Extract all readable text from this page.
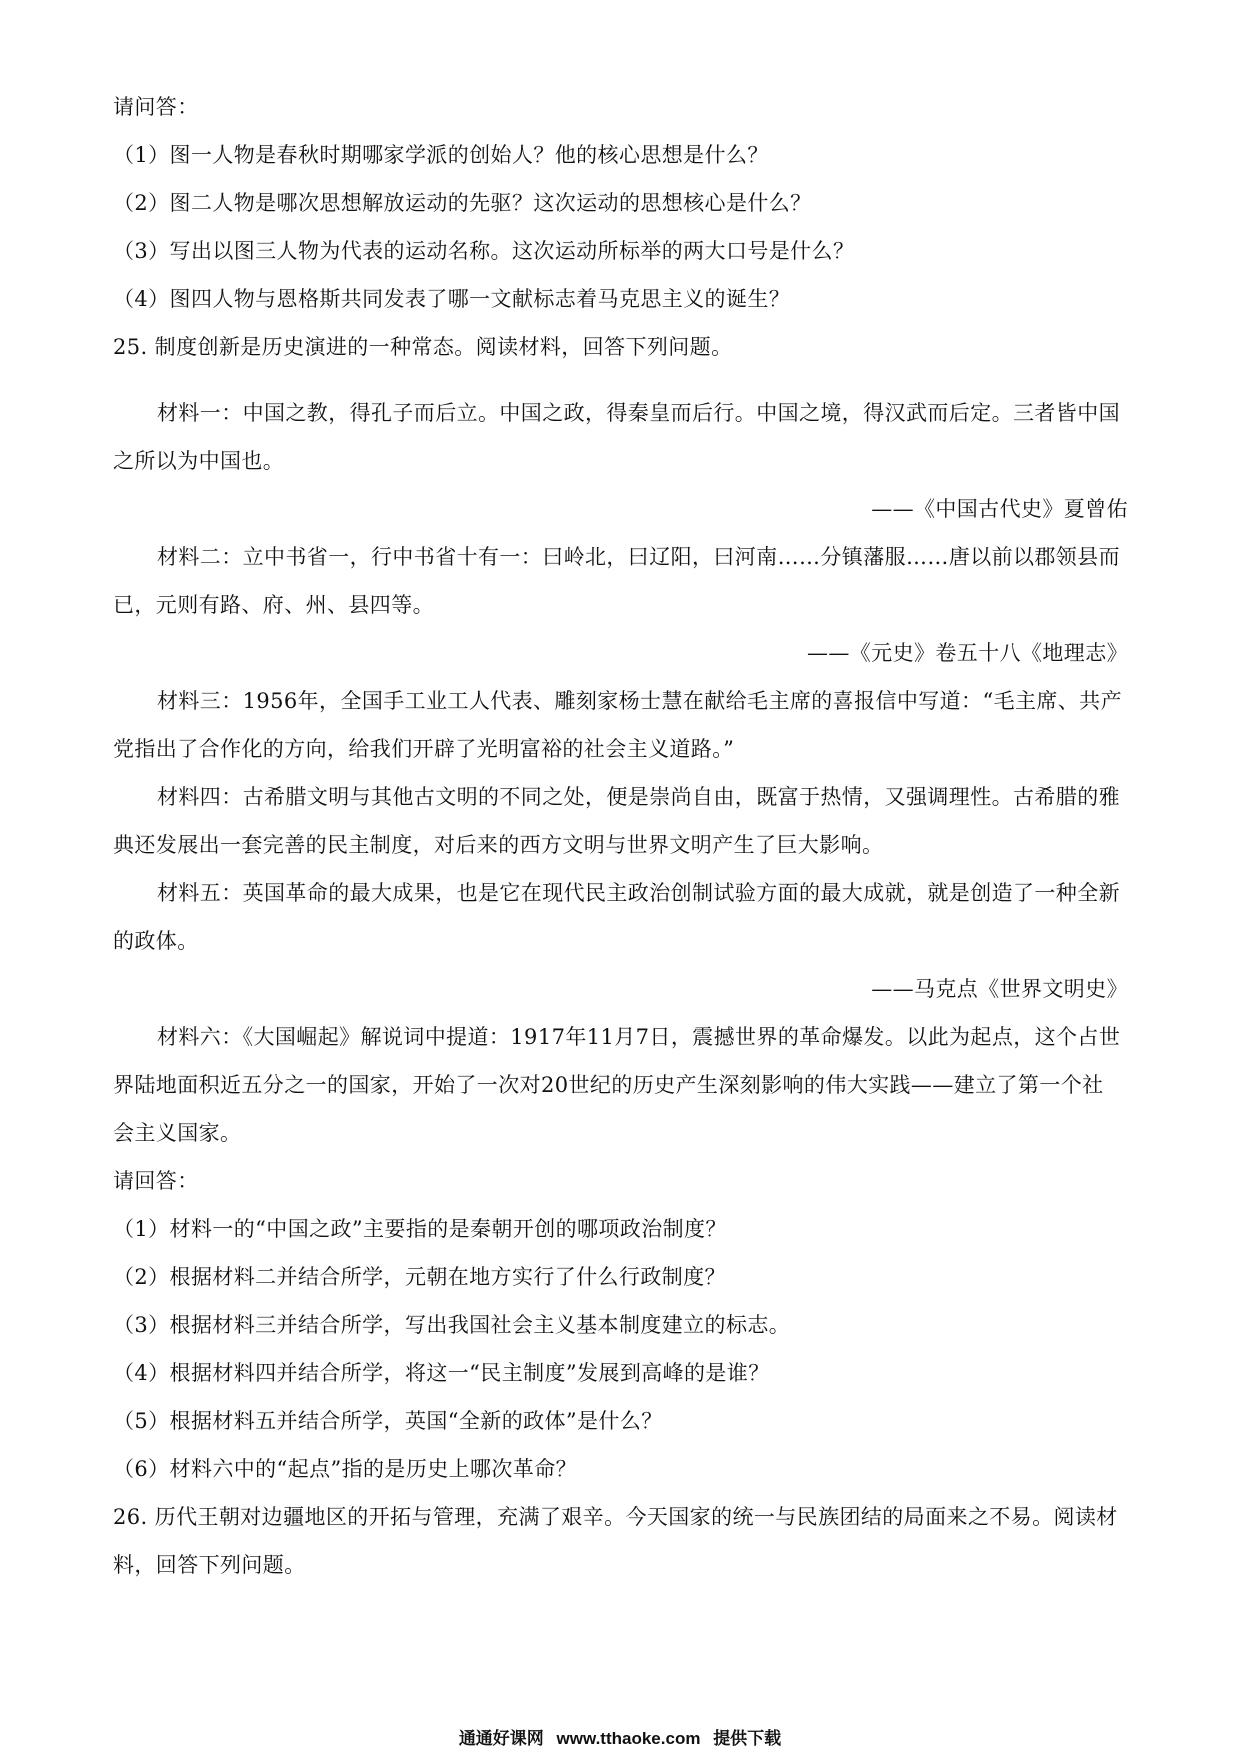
请问答：
（1）图一人物是春秋时期哪家学派的创始人？他的核心思想是什么？
（2）图二人物是哪次思想解放运动的先驱？这次运动的思想核心是什么？
（3）写出以图三人物为代表的运动名称。这次运动所标举的两大口号是什么？
（4）图四人物与恩格斯共同发表了哪一文献标志着马克思主义的诞生？
25. 制度创新是历史演进的一种常态。阅读材料，回答下列问题。
材料一：中国之教，得孔子而后立。中国之政，得秦皇而后行。中国之境，得汉武而后定。三者皆中国
之所以为中国也。
——《中国古代史》夏曾佑
材料二：立中书省一，行中书省十有一：曰岭北，曰辽阳，曰河南……分镇藩服……唐以前以郡领县而
已，元则有路、府、州、县四等。
——《元史》卷五十八《地理志》
材料三：1956年，全国手工业工人代表、雕刻家杨士慧在献给毛主席的喜报信中写道：“毛主席、共产
党指出了合作化的方向，给我们开辟了光明富裕的社会主义道路。”
材料四：古希腊文明与其他古文明的不同之处，便是崇尚自由，既富于热情，又强调理性。古希腊的雅
典还发展出一套完善的民主制度，对后来的西方文明与世界文明产生了巨大影响。
材料五：英国革命的最大成果，也是它在现代民主政治创制试验方面的最大成就，就是创造了一种全新
的政体。
——马克点《世界文明史》
材料六：《大国崛起》解说词中提道：1917年11月7日，震撼世界的革命爆发。以此为起点，这个占世
界陆地面积近五分之一的国家，开始了一次对20世纪的历史产生深刻影响的伟大实践——建立了第一个社
会主义国家。
请回答：
（1）材料一的“中国之政”主要指的是秦朝开创的哪项政治制度？
（2）根据材料二并结合所学，元朝在地方实行了什么行政制度？
（3）根据材料三并结合所学，写出我国社会主义基本制度建立的标志。
（4）根据材料四并结合所学，将这一“民主制度”发展到高峰的是谁？
（5）根据材料五并结合所学，英国“全新的政体”是什么？
（6）材料六中的“起点”指的是历史上哪次革命？
26. 历代王朝对边疆地区的开拓与管理，充满了艰辛。今天国家的统一与民族团结的局面来之不易。阅读材
料，回答下列问题。
通通好课网 www.tthaoke.com 提供下载
